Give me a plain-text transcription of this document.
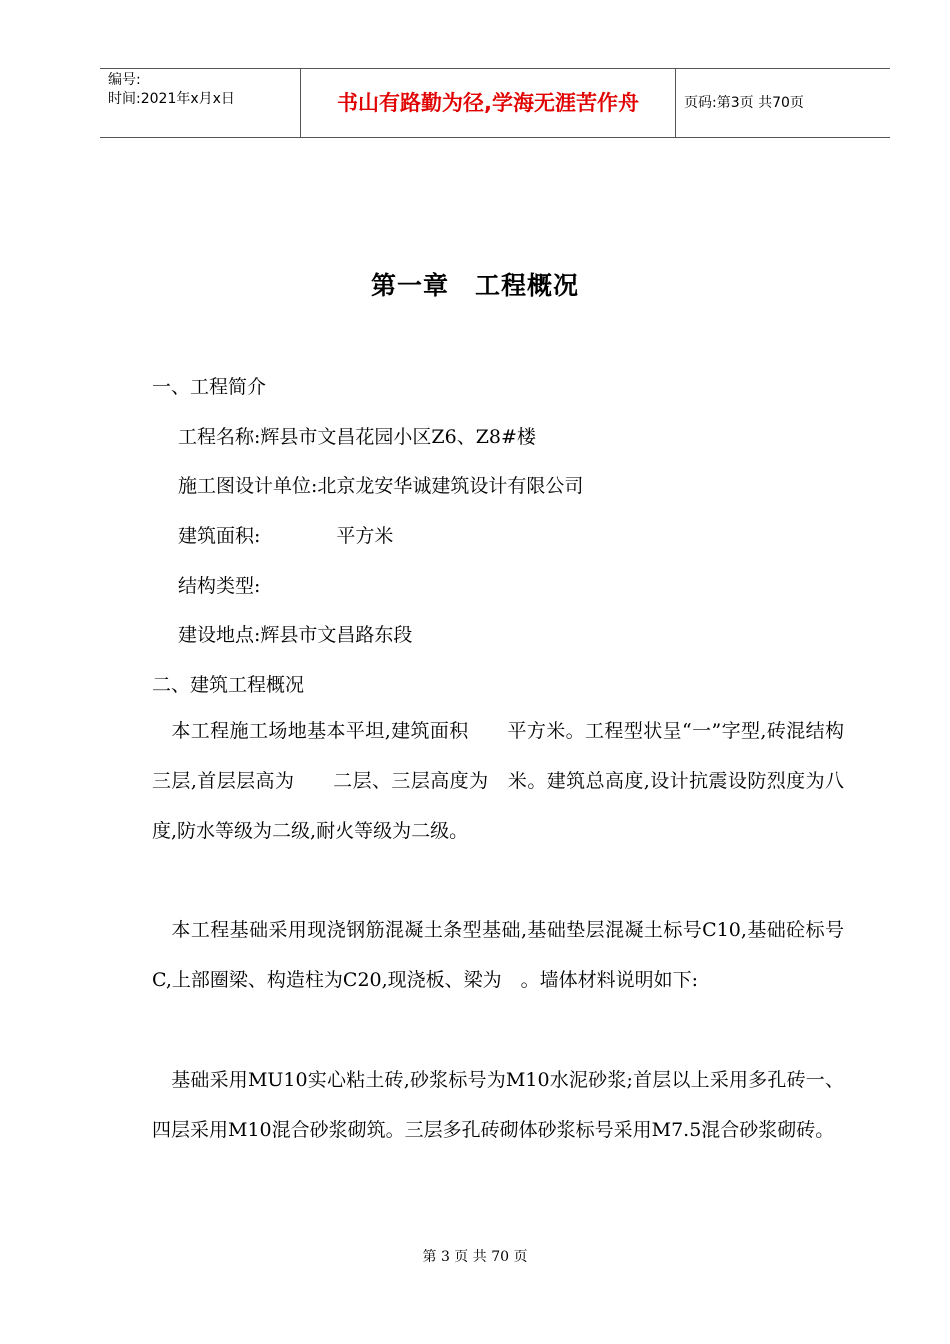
编号:
时间:2021年x月x日	书山有路勤为径,学海无涯苦作舟	页码:第3页 共70页
第一章　工程概况

一、工程简介

工程名称:辉县市文昌花园小区Z6、Z8#楼

施工图设计单位:北京龙安华诚建筑设计有限公司

建筑面积:　　　　平方米

结构类型:

建设地点:辉县市文昌路东段

二、建筑工程概况

　本工程施工场地基本平坦,建筑面积　　平方米。工程型状呈“一”字型,砖混结构三层,首层层高为　　二层、三层高度为　米。建筑总高度,设计抗震设防烈度为八度,防水等级为二级,耐火等级为二级。

　本工程基础采用现浇钢筋混凝土条型基础,基础垫层混凝土标号C10,基础砼标号C,上部圈梁、构造柱为C20,现浇板、梁为　。墙体材料说明如下:

　基础采用MU10实心粘土砖,砂浆标号为M10水泥砂浆;首层以上采用多孔砖一、四层采用M10混合砂浆砌筑。三层多孔砖砌体砂浆标号采用M7.5混合砂浆砌砖。

第 3 页 共 70 页
